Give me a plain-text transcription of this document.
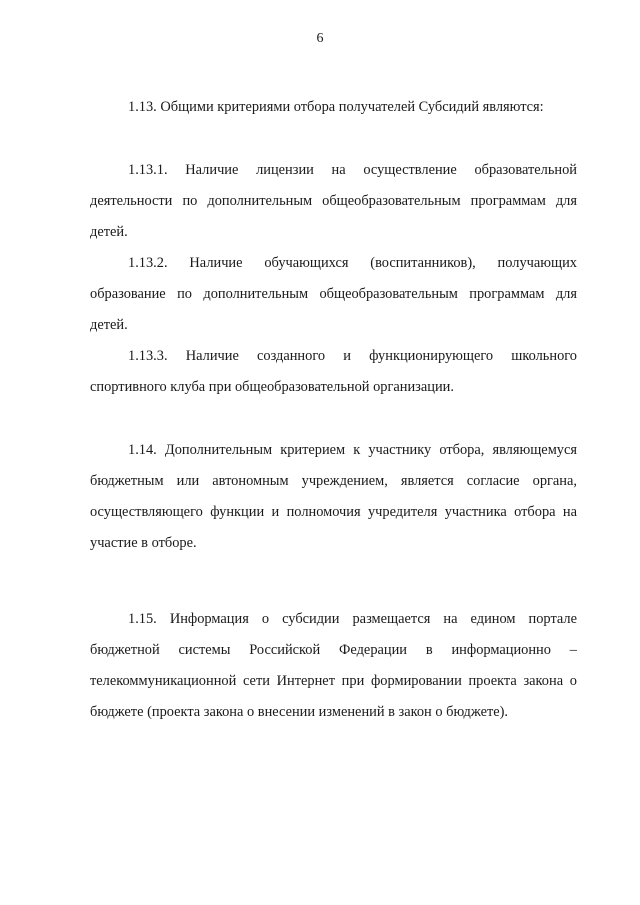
6

1.13. Общими критериями отбора получателей Субсидий являются:

1.13.1. Наличие лицензии на осуществление образовательной деятельности по дополнительным общеобразовательным программам для детей.

1.13.2. Наличие обучающихся (воспитанников), получающих образование по дополнительным общеобразовательным программам для детей.

1.13.3. Наличие созданного и функционирующего школьного спортивного клуба при общеобразовательной организации.

1.14. Дополнительным критерием к участнику отбора, являющемуся бюджетным или автономным учреждением, является согласие органа, осуществляющего функции и полномочия учредителя участника отбора на участие в отборе.

1.15. Информация о субсидии размещается на едином портале бюджетной системы Российской Федерации в информационно – телекоммуникационной сети Интернет при формировании проекта закона о бюджете (проекта закона о внесении изменений в закон о бюджете).
